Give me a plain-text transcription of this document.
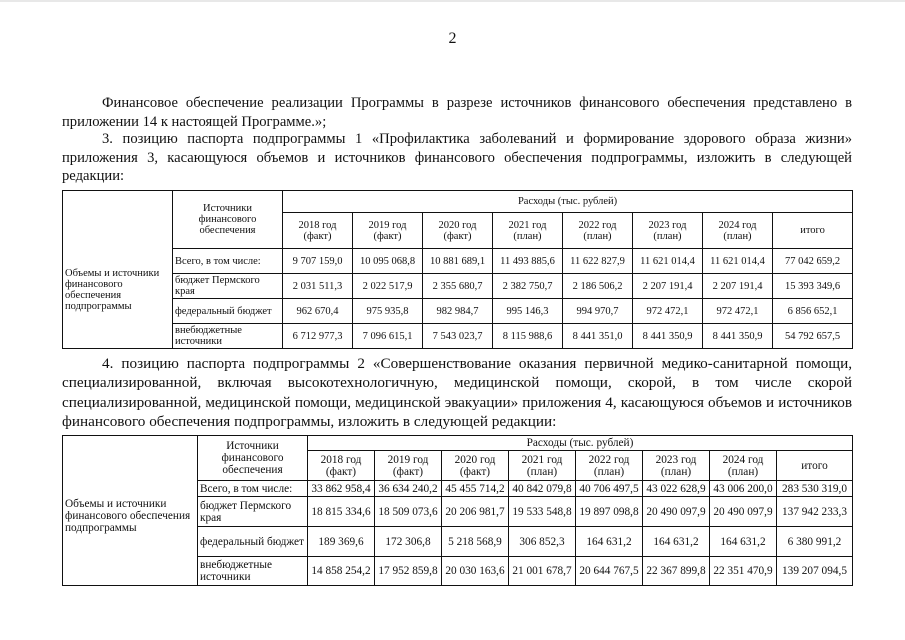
2

Финансовое обеспечение реализации Программы в разрезе источников финансового обеспечения представлено в приложении 14 к настоящей Программе.»;

3. позицию паспорта подпрограммы 1 «Профилактика заболеваний и формирование здорового образа жизни» приложения 3, касающуюся объемов и источников финансового обеспечения подпрограммы, изложить в следующей редакции:

Объемы и источники финансового обеспечения подпрограммы	Источники финансового обеспечения	Расходы (тыс. рублей)							
		2018 год (факт)	2019 год (факт)	2020 год (факт)	2021 год (план)	2022 год (план)	2023 год (план)	2024 год (план)	итого
	Всего, в том числе:	9 707 159,0	10 095 068,8	10 881 689,1	11 493 885,6	11 622 827,9	11 621 014,4	11 621 014,4	77 042 659,2
	бюджет Пермского края	2 031 511,3	2 022 517,9	2 355 680,7	2 382 750,7	2 186 506,2	2 207 191,4	2 207 191,4	15 393 349,6
	федеральный бюджет	962 670,4	975 935,8	982 984,7	995 146,3	994 970,7	972 472,1	972 472,1	6 856 652,1
	внебюджетные источники	6 712 977,3	7 096 615,1	7 543 023,7	8 115 988,6	8 441 351,0	8 441 350,9	8 441 350,9	54 792 657,5

4. позицию паспорта подпрограммы 2 «Совершенствование оказания первичной медико-санитарной помощи, специализированной, включая высокотехнологичную, медицинской помощи, скорой, в том числе скорой специализированной, медицинской помощи, медицинской эвакуации» приложения 4, касающуюся объемов и источников финансового обеспечения подпрограммы, изложить в следующей редакции:

Объемы и источники финансового обеспечения подпрограммы	Источники финансового обеспечения	Расходы (тыс. рублей)							
		2018 год (факт)	2019 год (факт)	2020 год (факт)	2021 год (план)	2022 год (план)	2023 год (план)	2024 год (план)	итого
	Всего, в том числе:	33 862 958,4	36 634 240,2	45 455 714,2	40 842 079,8	40 706 497,5	43 022 628,9	43 006 200,0	283 530 319,0
	бюджет Пермского края	18 815 334,6	18 509 073,6	20 206 981,7	19 533 548,8	19 897 098,8	20 490 097,9	20 490 097,9	137 942 233,3
	федеральный бюджет	189 369,6	172 306,8	5 218 568,9	306 852,3	164 631,2	164 631,2	164 631,2	6 380 991,2
	внебюджетные источники	14 858 254,2	17 952 859,8	20 030 163,6	21 001 678,7	20 644 767,5	22 367 899,8	22 351 470,9	139 207 094,5
